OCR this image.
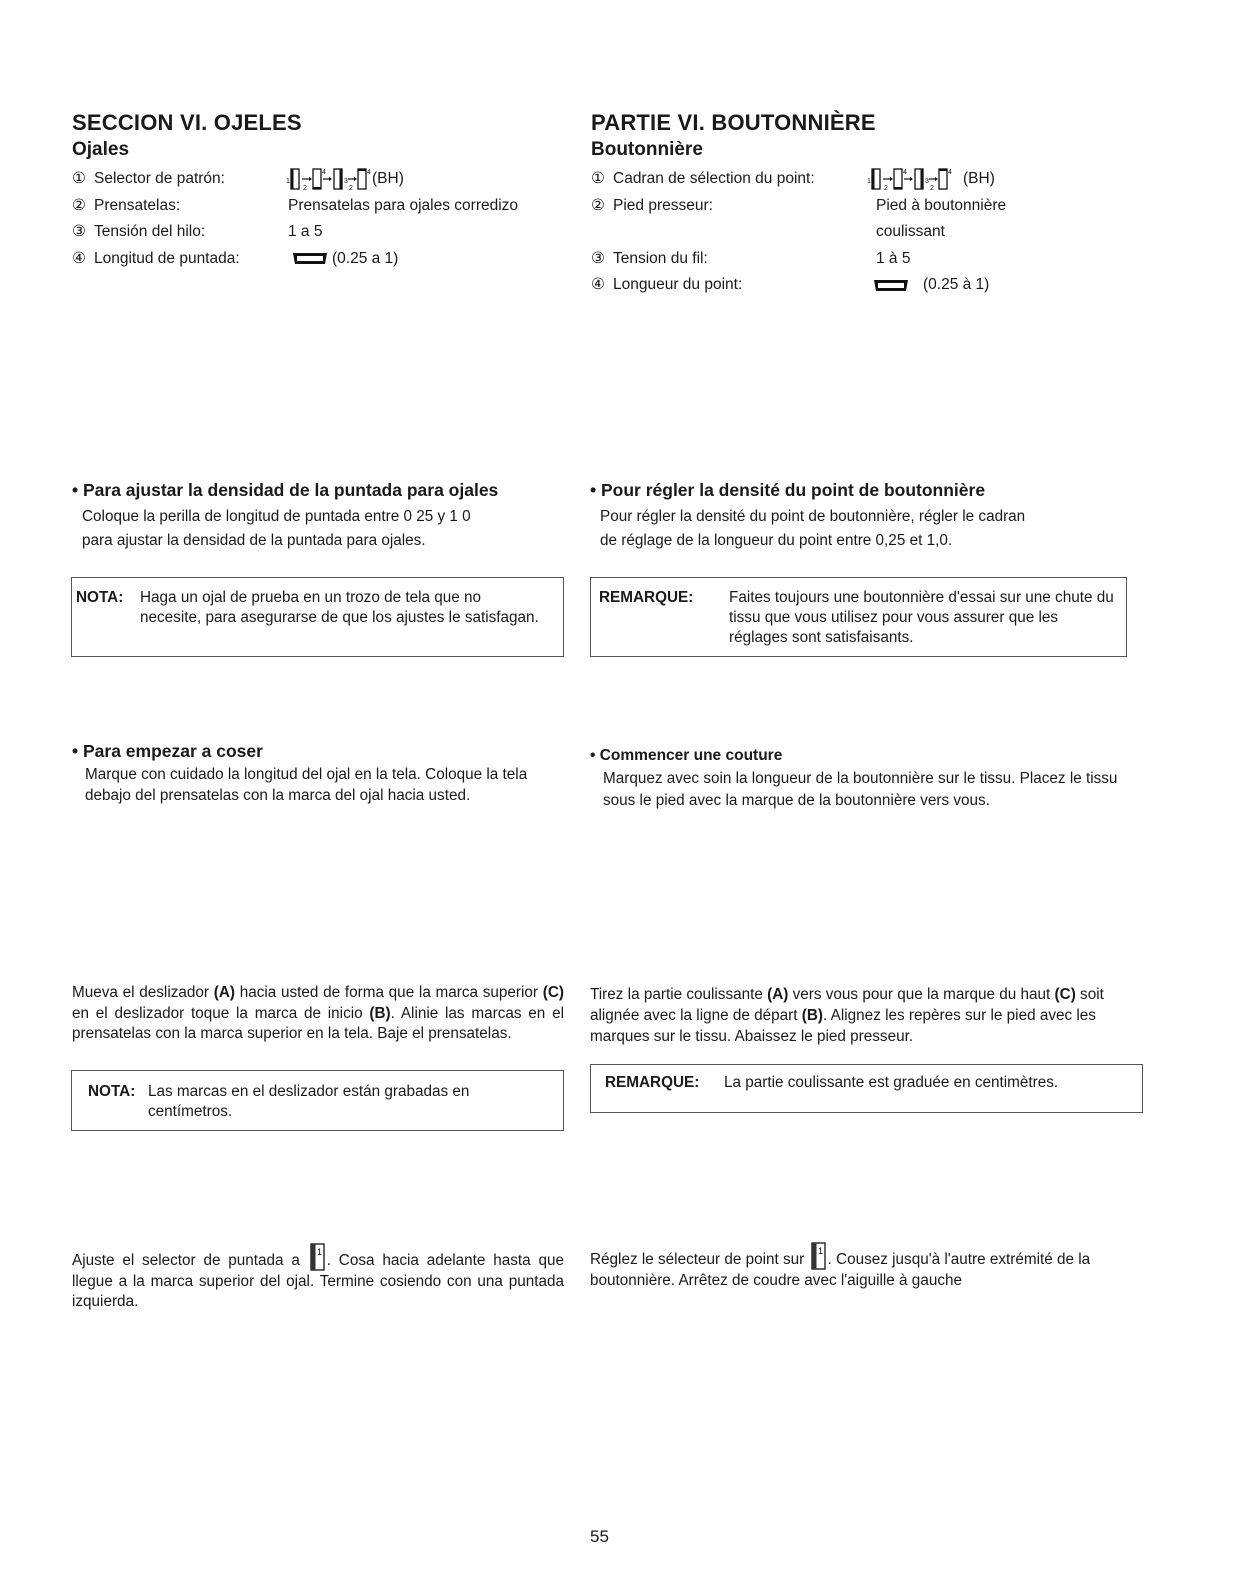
SECCION VI. OJELES
Ojales
① Selector de patrón:	(BH)
② Prensatelas:	Prensatelas para ojales corredizo
③ Tensión del hilo:	1 a 5
④ Longitud de puntada:	(0.25 a 1)
• Para ajustar la densidad de la puntada para ojales
Coloque la perilla de longitud de puntada entre 0 25 y 1 0
para ajustar la densidad de la puntada para ojales.
NOTA: Haga un ojal de prueba en un trozo de tela que no necesite, para asegurarse de que los ajustes le satisfagan.
• Para empezar a coser
Marque con cuidado la longitud del ojal en la tela. Coloque la tela debajo del prensatelas con la marca del ojal hacia usted.
Mueva el deslizador (A) hacia usted de forma que la marca superior (C) en el deslizador toque la marca de inicio (B). Alinie las marcas en el prensatelas con la marca superior en la tela. Baje el prensatelas.
NOTA: Las marcas en el deslizador están grabadas en centímetros.
Ajuste el selector de puntada a . Cosa hacia adelante hasta que llegue a la marca superior del ojal. Termine cosiendo con una puntada izquierda.
PARTIE VI. BOUTONNIÈRE
Boutonnière
① Cadran de sélection du point:	(BH)
② Pied presseur:	Pied à boutonnière
coulissant
③ Tension du fil:	1 à 5
④ Longueur du point:	(0.25 à 1)
• Pour régler la densité du point de boutonnière
Pour régler la densité du point de boutonnière, régler le cadran
de réglage de la longueur du point entre 0,25 et 1,0.
REMARQUE: Faites toujours une boutonnière d'essai sur une chute du tissu que vous utilisez pour vous assurer que les réglages sont satisfaisants.
• Commencer une couture
Marquez avec soin la longueur de la boutonnière sur le tissu. Placez le tissu sous le pied avec la marque de la boutonnière vers vous.
Tirez la partie coulissante (A) vers vous pour que la marque du haut (C) soit alignée avec la ligne de départ (B). Alignez les repères sur le pied avec les marques sur le tissu. Abaissez le pied presseur.
REMARQUE: La partie coulissante est graduée en centimètres.
Réglez le sélecteur de point sur . Cousez jusqu'à l'autre extrémité de la boutonnière. Arrêtez de coudre avec l'aiguille à gauche
55
